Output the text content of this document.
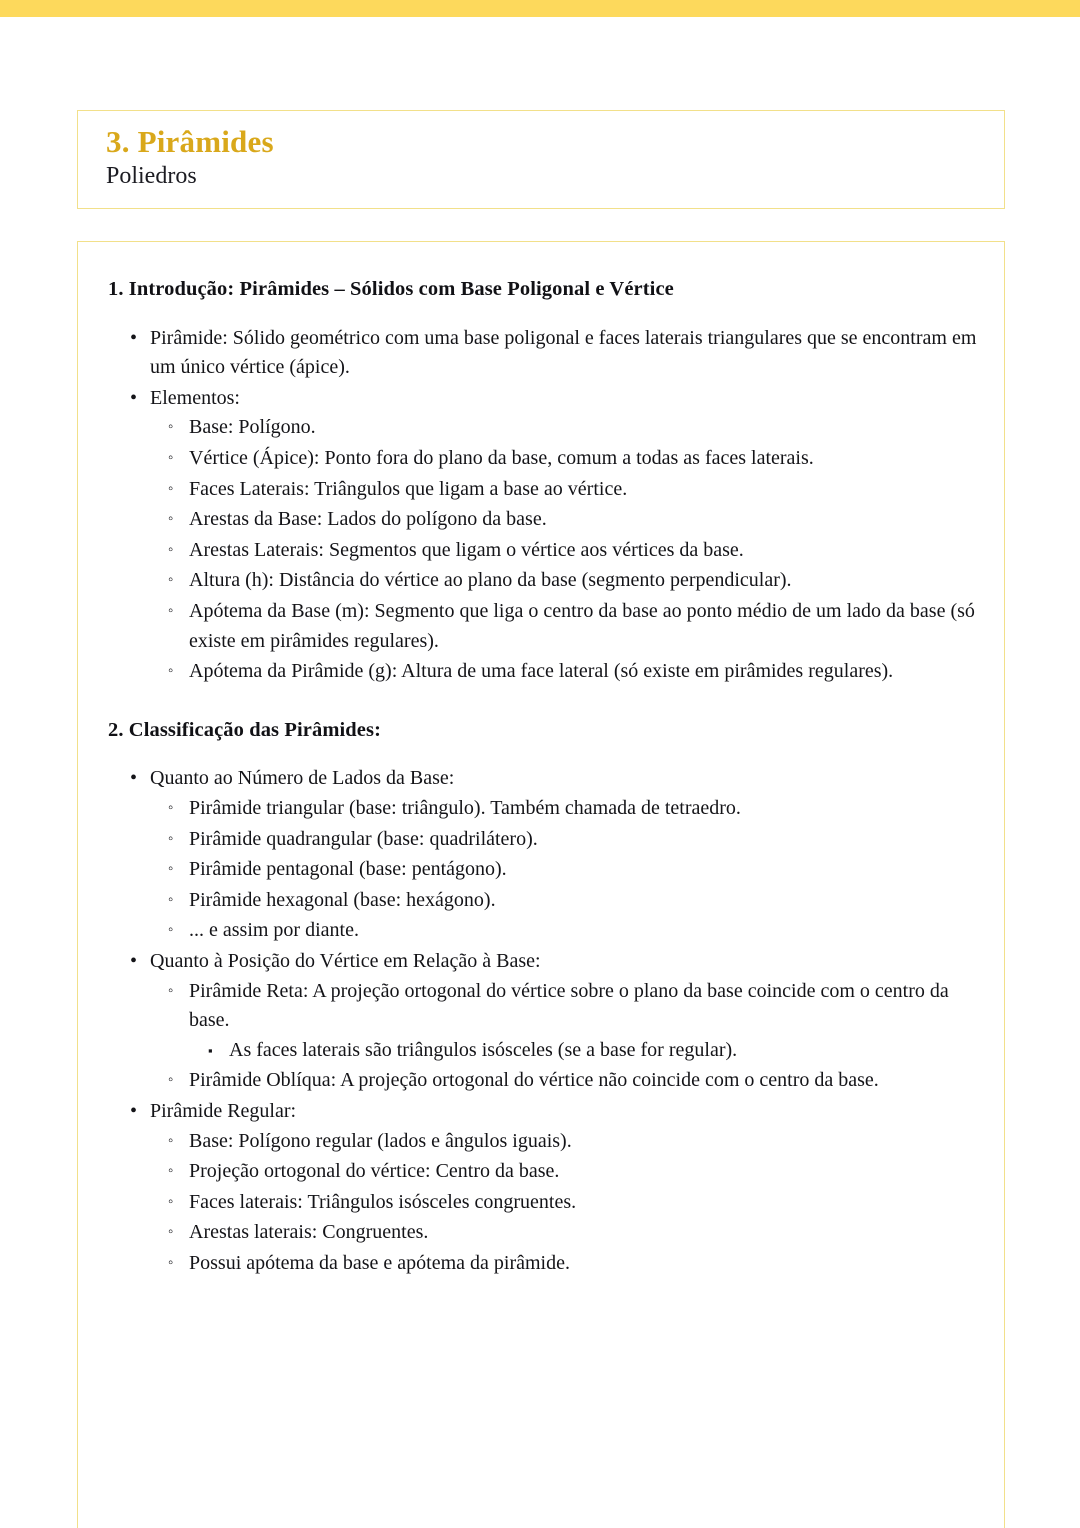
3. Pirâmides
Poliedros
1. Introdução: Pirâmides – Sólidos com Base Poligonal e Vértice
• Pirâmide: Sólido geométrico com uma base poligonal e faces laterais triangulares que se encontram em um único vértice (ápice).
• Elementos:
◦ Base: Polígono.
◦ Vértice (Ápice): Ponto fora do plano da base, comum a todas as faces laterais.
◦ Faces Laterais: Triângulos que ligam a base ao vértice.
◦ Arestas da Base: Lados do polígono da base.
◦ Arestas Laterais: Segmentos que ligam o vértice aos vértices da base.
◦ Altura (h): Distância do vértice ao plano da base (segmento perpendicular).
◦ Apótema da Base (m): Segmento que liga o centro da base ao ponto médio de um lado da base (só existe em pirâmides regulares).
◦ Apótema da Pirâmide (g): Altura de uma face lateral (só existe em pirâmides regulares).
2. Classificação das Pirâmides:
• Quanto ao Número de Lados da Base:
◦ Pirâmide triangular (base: triângulo). Também chamada de tetraedro.
◦ Pirâmide quadrangular (base: quadrilátero).
◦ Pirâmide pentagonal (base: pentágono).
◦ Pirâmide hexagonal (base: hexágono).
◦ ... e assim por diante.
• Quanto à Posição do Vértice em Relação à Base:
◦ Pirâmide Reta: A projeção ortogonal do vértice sobre o plano da base coincide com o centro da base.
▪ As faces laterais são triângulos isósceles (se a base for regular).
◦ Pirâmide Oblíqua: A projeção ortogonal do vértice não coincide com o centro da base.
• Pirâmide Regular:
◦ Base: Polígono regular (lados e ângulos iguais).
◦ Projeção ortogonal do vértice: Centro da base.
◦ Faces laterais: Triângulos isósceles congruentes.
◦ Arestas laterais: Congruentes.
◦ Possui apótema da base e apótema da pirâmide.
